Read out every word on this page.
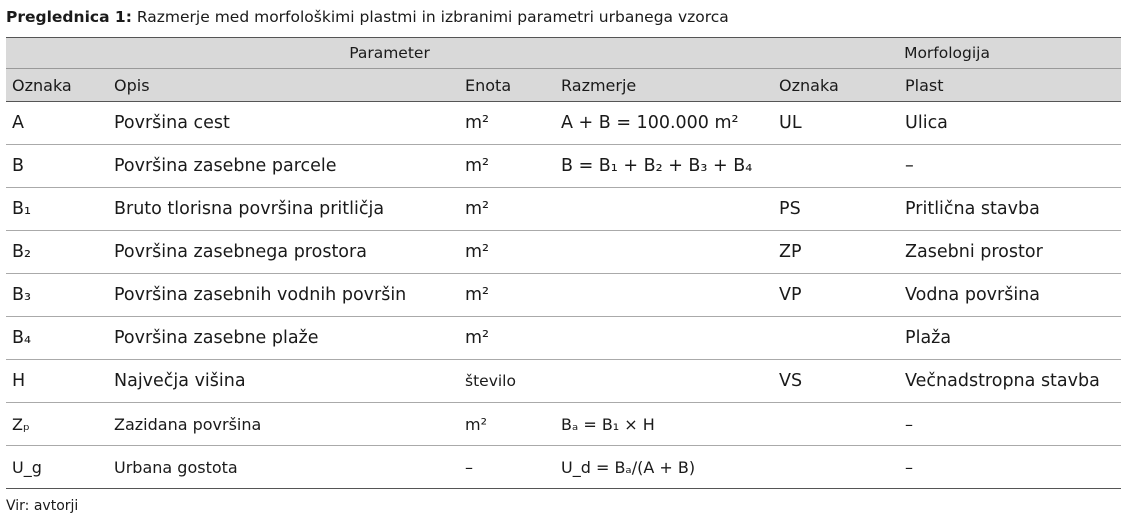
Preglednica 1: Razmerje med morfološkimi plastmi in izbranimi parametri urbanega vzorca
Parameter				Morfologija	
Oznaka	Opis	Enota	Razmerje	Oznaka	Plast
A	Površina cest	m²	A + B = 100.000 m²	UL	Ulica
B	Površina zasebne parcele	m²	B = B₁ + B₂ + B₃ + B₄		–
B₁	Bruto tlorisna površina pritličja	m²		PS	Pritlična stavba
B₂	Površina zasebnega prostora	m²		ZP	Zasebni prostor
B₃	Površina zasebnih vodnih površin	m²		VP	Vodna površina
B₄	Površina zasebne plaže	m²			Plaža
H	Največja višina	število		VS	Večnadstropna stavba
Zₚ	Zazidana površina	m²	Bₐ = B₁ × H		–
U_g	Urbana gostota	–	U_d = Bₐ/(A + B)		–
Vir: avtorji
